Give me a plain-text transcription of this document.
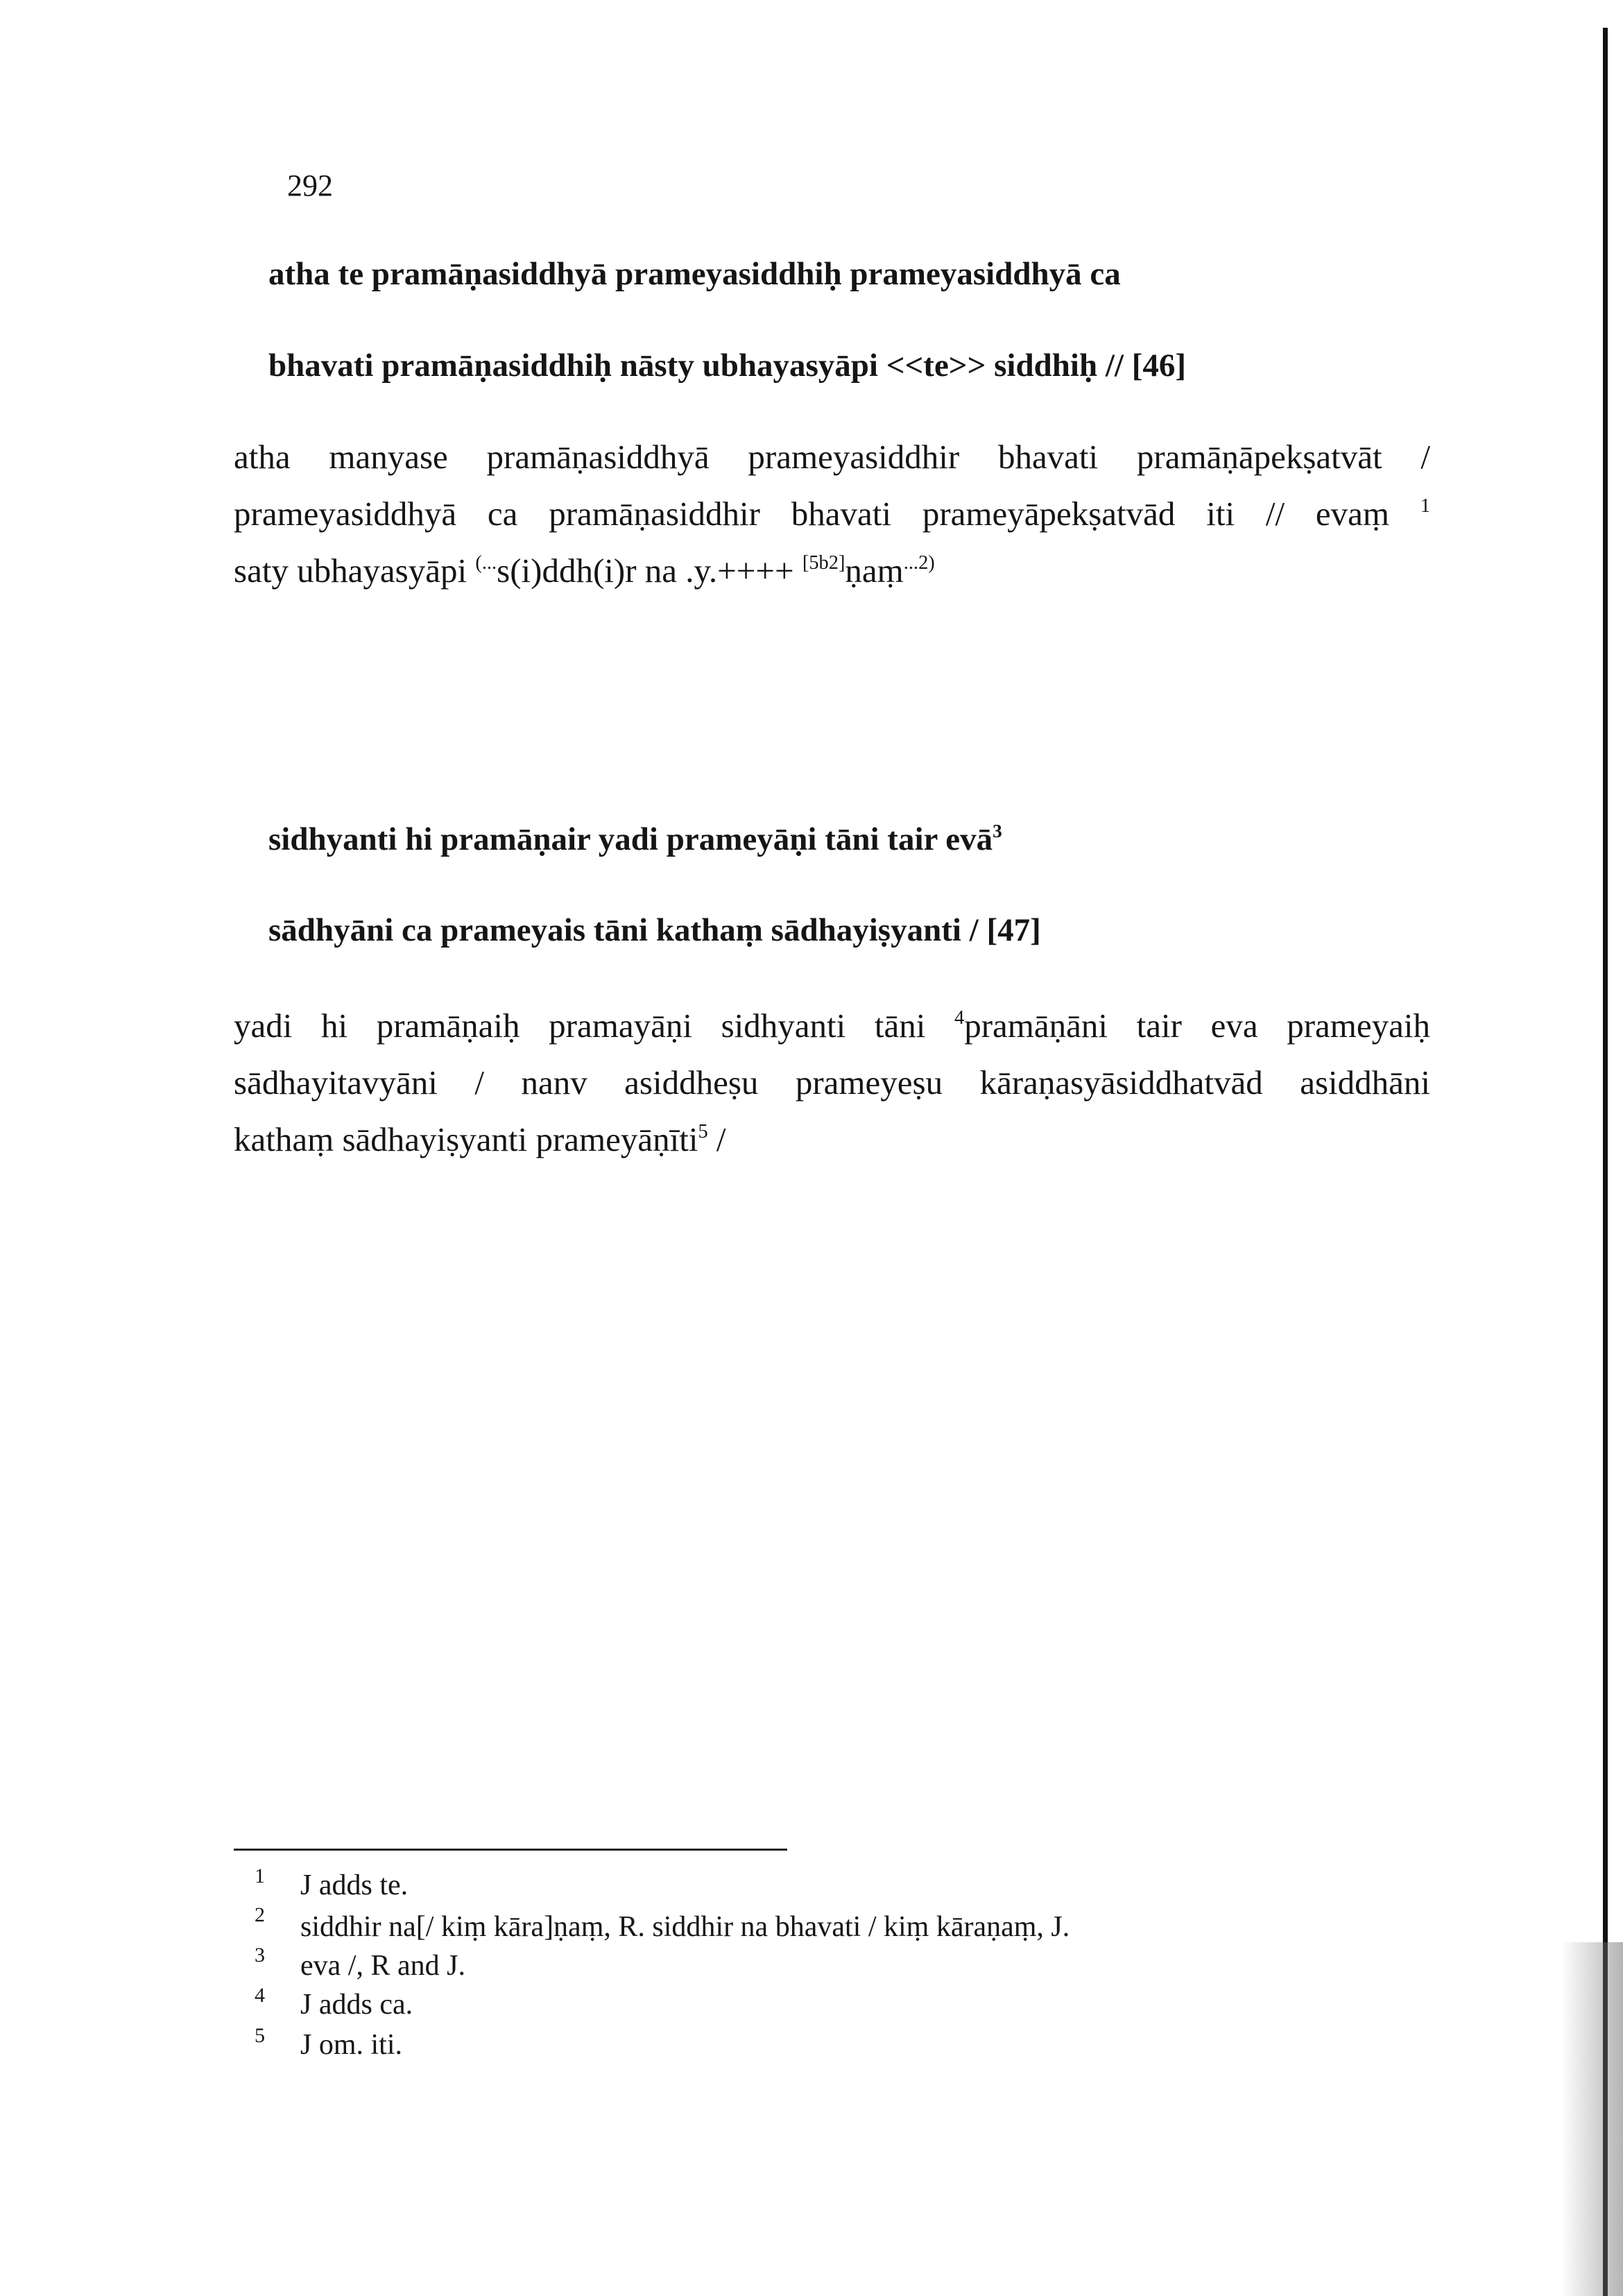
292
atha te pramāṇasiddhyā prameyasiddhiḥ prameyasiddhyā ca
bhavati pramāṇasiddhiḥ nāsty ubhayasyāpi <<te>> siddhiḥ // [46]
atha manyase pramāṇasiddhyā prameyasiddhir bhavati pramāṇāpekṣatvāt /
prameyasiddhyā ca pramāṇasiddhir bhavati prameyāpekṣatvād iti // evaṃ $^1$
saty ubhayasyāpi (...s(i)ddh(i)r na .y.++++ [5b2]ṇaṃ$^{...2)}$
sidhyanti hi pramāṇair yadi prameyāṇi tāni tair evā$^3$
sādhyāni ca prameyais tāni kathaṃ sādhayiṣyanti / [47]
yadi hi pramāṇaiḥ pramayāṇi sidhyanti tāni $^4$pramāṇāni tair eva prameyaiḥ
sādhayitavyāni / nanv asiddheṣu prameyeṣu kāraṇasyāsiddhatvād asiddhāni
kathaṃ sādhayiṣyanti prameyāṇīti$^5$ /
1 J adds te.
2 siddhir na[/ kiṃ kāra]ṇaṃ, R. siddhir na bhavati / kiṃ kāraṇaṃ, J.
3 eva /, R and J.
4 J adds ca.
5 J om. iti.
